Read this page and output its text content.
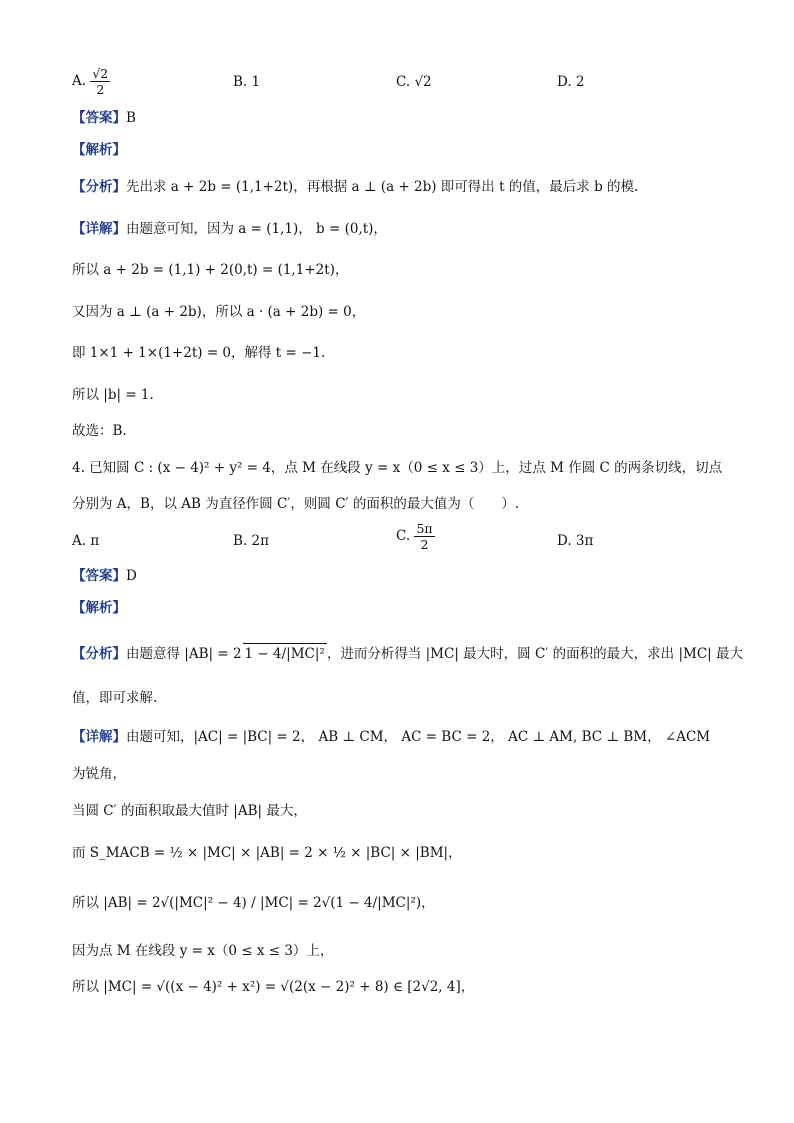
A. $\frac{√2}{2}$	B. 1	C. √2	D. 2
【答案】B
【解析】
【分析】先出求 a + 2b = (1,1+2t)，再根据 a ⊥ (a + 2b) 即可得出 t 的值，最后求 b 的模.
【详解】由题意可知，因为 a = (1,1)， b = (0,t)，
所以 a + 2b = (1,1) + 2(0,t) = (1,1+2t)，
又因为 a ⊥ (a + 2b)，所以 a · (a + 2b) = 0，
即 1×1 + 1×(1+2t) = 0，解得 t = −1.
所以 |b| = 1.
故选：B.
4. 已知圆 C : (x − 4)² + y² = 4，点 M 在线段 y = x（0 ≤ x ≤ 3）上，过点 M 作圆 C 的两条切线，切点
分别为 A，B，以 AB 为直径作圆 C′，则圆 C′ 的面积的最大值为（　　）.
A. π	B. 2π	C. $\frac{5\pi}{2}$	D. 3π
【答案】D
【解析】
【分析】由题意得 |AB| = 2 1 − 4/|MC|² ，进而分析得当 |MC| 最大时，圆 C′ 的面积的最大，求出 |MC| 最大
值，即可求解.
【详解】由题可知，|AC| = |BC| = 2， AB ⊥ CM， AC = BC = 2， AC ⊥ AM, BC ⊥ BM， ∠ACM
为锐角，
当圆 C′ 的面积取最大值时 |AB| 最大，
而 S_MACB = ½ × |MC| × |AB| = 2 × ½ × |BC| × |BM|，
所以 |AB| = 2√(|MC|² − 4) / |MC| = 2√(1 − 4/|MC|²)，
因为点 M 在线段 y = x（0 ≤ x ≤ 3）上，
所以 |MC| = √((x − 4)² + x²) = √(2(x − 2)² + 8) ∈ [2√2, 4]，
